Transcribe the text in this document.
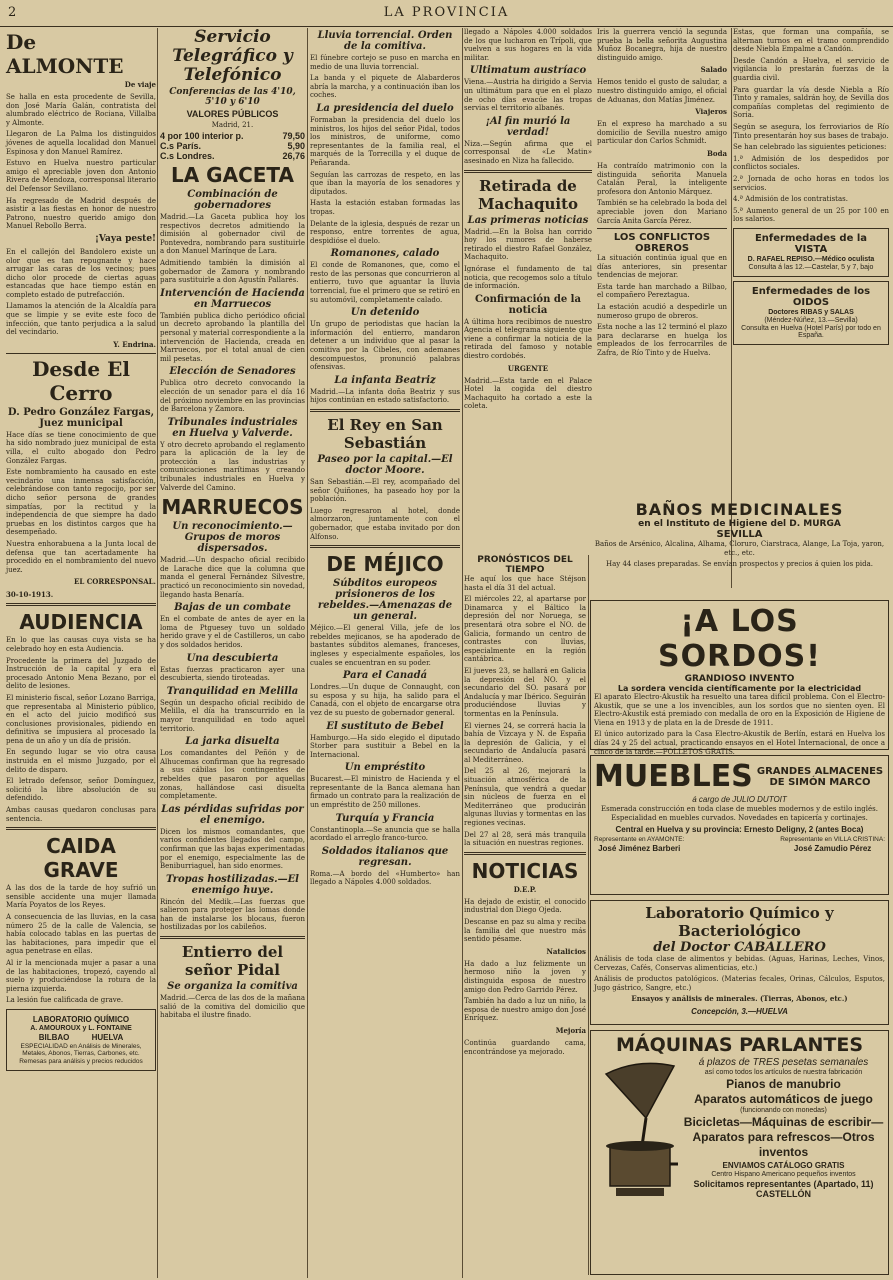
2	LA PROVINCIA
De ALMONTE
De viaje

Se halla en esta procedente de Sevilla, don José María Galán, contratista del alumbrado eléctrico de Rociana, Villalba y Almonte.

Llegaron de La Palma los distinguidos jóvenes de aquella localidad don Manuel Espinosa y don Manuel Ramírez.

Estuvo en Huelva nuestro particular amigo el apreciable joven don Antonio Rivera de Mendoza, corresponsal literario del Defensor Sevillano.

Ha regresado de Madrid después de asistir a las fiestas en honor de nuestro Patrono, nuestro querido amigo don Manuel Rebollo Berra.

¡Vaya peste!

En el callejón del Bandolero existe un olor que es tan repugnante y hace arrugar las caras de los vecinos; pues dicho olor procede de ciertas aguas estancadas que hace tiempo están en completo estado de putrefacción.

Llamamos la atención de la Alcaldía para que se limpie y se evite este foco de infección, que tanto perjudica a la salud del vecindario.

Y. Endrina.
Desde El Cerro
D. Pedro González Fargas, Juez municipal

Hace días se tiene conocimiento de que ha sido nombrado juez municipal de esta villa, el culto abogado don Pedro González Fargas.

Este nombramiento ha causado en este vecindario una inmensa satisfacción, celebrándose con tanto regocijo, por ser dicho señor persona de grandes simpatías, por la rectitud y la independencia de que siempre ha dado pruebas en los distintos cargos que ha desempeñado.

Nuestra enhorabuena a la Junta local de defensa que tan acertadamente ha procedido en el nombramiento del nuevo juez.

EL CORRESPONSAL.
30-10-1913.
AUDIENCIA

En lo que las causas cuya vista se ha celebrado hoy en esta Audiencia.

Procedente la primera del Juzgado de Instrucción de la capital y era el procesado Antonio Mena Bezano, por el delito de lesiones.

El ministerio fiscal, señor Lozano Barriga, que representaba al Ministerio público, en el acto del juicio modificó sus conclusiones provisionales, pidiendo en definitiva se impusiera al procesado la pena de un año y un día de prisión.

En segundo lugar se vio otra causa instruida en el mismo Juzgado, por el delito de disparo.

El letrado defensor, señor Domínguez, solicitó la libre absolución de su defendido.

Ambas causas quedaron conclusas para sentencia.

CAIDA GRAVE

A las dos de la tarde de hoy sufrió un sensible accidente una mujer llamada María Poyatos de los Reyes.

A consecuencia de las lluvias, en la casa número 25 de la calle de Valencia, se había colocado tablas en las puertas de las habitaciones, para impedir que el agua penetrase en ellas.

Al ir la mencionada mujer a pasar a una de las habitaciones, tropezó, cayendo al suelo y produciéndose la rotura de la pierna izquierda.

La lesión fue calificada de grave.

LABORATORIO QUÍMICO
A. AMOUROUX y L. FONTAINE
BILBAO          HUELVA
ESPECIALIDAD en Análisis de Minerales, Metales, Abonos, Tierras, Carbones, etc.
Remesas para análisis y precios reducidos
Servicio Telegráfico y Telefónico
Conferencias de las 4'10, 5'10 y 6'10
VALORES PÚBLICOS
Madrid, 21.
4 por 100 interior p.	79,50
C.s París.	5,90
C.s Londres.	26,76
LA GACETA
Combinación de gobernadores

Madrid.—La Gaceta publica hoy los respectivos decretos admitiendo la dimisión al gobernador civil de Pontevedra, nombrando para sustituirle a don Manuel Marínque de Lara.

Admitiendo también la dimisión al gobernador de Zamora y nombrando para sustituirle a don Agustín Pallarés.

Intervención de Hacienda en Marruecos

También publica dicho periódico oficial un decreto aprobando la plantilla del personal y material correspondiente a la intervención de Hacienda, creada en Marruecos, por el total anual de cien mil pesetas.

Elección de Senadores

Publica otro decreto convocando la elección de un senador para el día 16 del próximo noviembre en las provincias de Barcelona y Zamora.

Tribunales industriales en Huelva y Valverde.

Y otro decreto aprobando el reglamento para la aplicación de la ley de protección a las industrias y comunicaciones marítimas y creando tribunales industriales en Huelva y Valverde del Camino.

MARRUECOS
Un reconocimiento.—Grupos de moros dispersados.

Madrid.—Un despacho oficial recibido de Larache dice que la columna que manda el general Fernández Silvestre, practicó un reconocimiento sin novedad, llegando hasta Benaría.

Bajas de un combate

En el combate de antes de ayer en la loma de Ptguesey tuvo un soldado herido grave y el de Castilleros, un cabo y dos soldados heridos.

Una descubierta

Estas fuerzas practicaron ayer una descubierta, siendo tiroteadas.

Tranquilidad en Melilla

Según un despacho oficial recibido de Melilla, el día ha transcurrido en la mayor tranquilidad en todo aquel territorio.

La jarka disuelta

Los comandantes del Peñón y de Alhucemas confirman que ha regresado a sus cábilas los contingentes de rebeldes que pasaron por aquellas zonas, hallándose casi disuelta completamente.

Las pérdidas sufridas por el enemigo.

Dicen los mismos comandantes, que varios confidentes llegados del campo, confirman que las bajas experimentadas por el enemigo, especialmente las de Beniburriaguel, han sido enormes.

Tropas hostilizadas.—El enemigo huye.

Rincón del Medik.—Las fuerzas que salieron para proteger las lomas donde han de instalarse los blocaus, fueron hostilizadas por los cabileños.

Entierro del señor Pidal
Se organiza la comitiva

Madrid.—Cerca de las dos de la mañana salió de la comitiva del domicilio que habitaba el ilustre finado.

Lluvia torrencial. Orden de la comitiva.

El fúnebre cortejo se puso en marcha en medio de una lluvia torrencial.

La banda y el piquete de Alabarderos abría la marcha, y a continuación iban los coches.

La presidencia del duelo

Formaban la presidencia del duelo los ministros, los hijos del señor Pidal, todos los ministros, de uniforme, como representantes de la familia real, el marqués de la Torrecilla y el duque de Peñaranda.

Seguían las carrozas de respeto, en las que iban la mayoría de los senadores y diputados.

Hasta la estación estaban formadas las tropas.

Delante de la iglesia, después de rezar un responso, entre torrentes de agua, despidióse el duelo.

Romanones, calado

El conde de Romanones, que, como el resto de las personas que concurrieron al entierro, tuvo que aguantar la lluvia torrencial, fue el primero que se retiró en su automóvil, completamente calado.

Un detenido

Un grupo de periodistas que hacían la información del entierro, mandaron detener a un individuo que al pasar la comitiva por la Cibeles, con ademanes descompuestos, pronunció palabras ofensivas.

La infanta Beatriz

Madrid.—La infanta doña Beatriz y sus hijos continúan en estado satisfactorio.

El Rey en San Sebastián
Paseo por la capital.—El doctor Moore.

San Sebastián.—El rey, acompañado del señor Quiñones, ha paseado hoy por la población.

Luego regresaron al hotel, donde almorzaron, juntamente con el gobernador, que estaba invitado por don Alfonso.

DE MÉJICO
Súbditos europeos prisioneros de los rebeldes.—Amenazas de un general.

Méjico.—El general Villa, jefe de los rebeldes mejicanos, se ha apoderado de bastantes súbditos alemanes, franceses, ingleses y especialmente españoles, los cuales se encuentran en su poder.

Para el Canadá

Londres.—Un duque de Connaught, con su esposa y su hija, ha salido para el Canadá, con el objeto de encargarse otra vez de su puesto de gobernador general.

El sustituto de Bebel

Hamburgo.—Ha sido elegido el diputado Storber para sustituir a Bebel en la Internacional.

Un empréstito

Bucarest.—El ministro de Hacienda y el representante de la Banca alemana han firmado un contrato para la realización de un empréstito de 250 millones.

Turquía y Francia

Constantinopla.—Se anuncia que se halla acordado el arreglo franco-turco.

Soldados italianos que regresan.

Roma.—A bordo del «Humberto» han llegado a Nápoles 4.000 soldados.

llegado a Nápoles 4.000 soldados de los que lucharon en Trípoli, que vuelven a sus hogares en la vida militar.

Ultimatum austríaco

Viena.—Austria ha dirigido a Servia un ultimátum para que en el plazo de ocho días evacúe las tropas servias el territorio albanés.

¡Al fin murió la verdad!

Niza.—Según afirma que el corresponsal de «Le Matin» asesinado en Niza ha fallecido.

Retirada de Machaquito
Las primeras noticias

Madrid.—En la Bolsa han corrido hoy los rumores de haberse retirado el diestro Rafael González, Machaquito.

Ignórase el fundamento de tal noticia, que recogemos solo a título de información.

Confirmación de la noticia

A última hora recibimos de nuestro Agencia el telegrama siguiente que viene a confirmar la noticia de la retirada del famoso y notable diestro cordobés.

URGENTE

Madrid.—Esta tarde en el Palace Hotel la cogida del diestro Machaquito ha cortado a este la coleta.

Iris la guerrera venció la segunda prueba la bella señorita Augustina Muñoz Bocanegra, hija de nuestro distinguido amigo.

Salado

Hemos tenido el gusto de saludar, a nuestro distinguido amigo, el oficial de Aduanas, don Matías Jiménez.

Viajeros

En el expreso ha marchado a su domicilio de Sevilla nuestro amigo particular don Carlos Schmidt.

Boda

Ha contraído matrimonio con la distinguida señorita Manuela Catalán Peral, la inteligente profesora don Antonio Márquez.

También se ha celebrado la boda del apreciable joven don Mariano García Anita García Pérez.

LOS CONFLICTOS OBREROS

La situación continúa igual que en días anteriores, sin presentar tendencias de mejorar.

Esta tarde han marchado a Bilbao, el compañero Pereztagua.

La estación acudió a despedirle un numeroso grupo de obreros.

Esta noche a las 12 terminó el plazo para declararse en huelga los empleados de los ferrocarriles de Zafra, de Río Tinto y de Huelva.

Estas, que forman una compañía, se alternan turnos en el tramo comprendido desde Niebla Empalme a Candón.

Desde Candón a Huelva, el servicio de vigilancia lo prestarán fuerzas de la guardia civil.

Para guardar la vía desde Niebla a Río Tinto y ramales, saldrán hoy, de Sevilla dos compañías completas del regimiento de Soria.

Según se asegura, los ferroviarios de Río Tinto presentarán hoy sus bases de trabajo.

Se han celebrado las siguientes peticiones:

1.ª Admisión de los despedidos por conflictos sociales.

2.ª Jornada de ocho horas en todos los servicios.

4.ª Admisión de los contratistas.

5.ª Aumento general de un 25 por 100 en los salarios.

Enfermedades de la VISTA
D. RAFAEL REPISO.—Médico oculista
Consulta á las 12.—Castelar, 5 y 7, bajo
Enfermedades de los OIDOS
Doctores RIBAS y SALAS
(Méndez-Núñez, 13.—Sevilla)
Consulta en Huelva (Hotel París) por todo en España.
BAÑOS MEDICINALES
en el Instituto de Higiene del D. MURGA
SEVILLA

Baños de Arsénico, Alcalina, Alhama, Cloruro, Ciarstraca, Alange, La Toja, yaron, etc., etc.

Hay 44 clases preparadas. Se envían prospectos y precios á quien los pida.

PRONÓSTICOS DEL TIEMPO

He aquí los que hace Stéjson hasta el día 31 del actual.

El miércoles 22, al apartarse por Dinamarca y el Báltico la depresión del nor Noruega, se presentará otra sobre el NO. de Galicia, formando un centro de contrastes con lluvias, especialmente en la región cantábrica.

El jueves 23, se hallará en Galicia la depresión del NO. y el secundario del SO. pasará por Andalucía y mar Ibérico. Seguirán produciéndose lluvias y tormentas en la Península.

El viernes 24, se correrá hacia la bahía de Vizcaya y N. de España la depresión de Galicia, y el secundario de Andalucía pasará al Mediterráneo.

Del 25 al 26, mejorará la situación atmosférica de la Península, que vendrá a quedar sin núcleos de fuerza en el Mediterráneo que producirán algunas lluvias y tormentas en las regiones vecinas.

Del 27 al 28, será más tranquila la situación en nuestras regiones.

NOTICIAS
D.E.P.

Ha dejado de existir, el conocido industrial don Diego Ojeda.

Descanse en paz su alma y reciba la familia del que nuestro más sentido pésame.

Natalicios

Ha dado a luz felizmente un hermoso niño la joven y distinguida esposa de nuestro amigo don Pedro Garrido Pérez.

También ha dado a luz un niño, la esposa de nuestro amigo don José Enríquez.

Mejoría

Continúa guardando cama, encontrándose ya mejorado.

¡A LOS SORDOS!
GRANDIOSO INVENTO
La sordera vencida científicamente por la electricidad

El aparato Electro-Akustik ha resuelto una tarea difícil problema. Con el Electro-Akustik, que se une a los invencibles, aun los sordos que no sienten oyen. El Electro-Akustik está premiado con medalla de oro en la Exposición de Higiene de Viena en 1913 y de plata en la de Dresde de 1911.

El único autorizado para la Casa Electro-Akustik de Berlín, estará en Huelva los días 24 y 25 del actual, practicando ensayos en el Hotel Internacional, de once a cinco de la tarde.—FOLLETOS GRATIS.

MUEBLES GRANDES ALMACENES DE SIMÓN MARCO
á cargo de JULIO DUTOIT

Esmerada construcción en toda clase de muebles modernos y de estilo inglés. Especialidad en muebles curvados. Novedades en tapicería y cortinajes.

Central en Huelva y su provincia: Ernesto Deligny, 2 (antes Boca)
Representante en AYAMONTE:
José Jiménez Barberi
Representante en VILLA CRISTINA:
José Zamudio Pérez
Laboratorio Químico y Bacteriológico
del Doctor CABALLERO

Análisis de toda clase de alimentos y bebidas. (Aguas, Harinas, Leches, Vinos, Cervezas, Cafés, Conservas alimenticias, etc.)

Análisis de productos patológicos. (Materias fecales, Orinas, Cálculos, Esputos, Jugo gástrico, Sangre, etc.)

Ensayos y análisis de minerales. (Tierras, Abonos, etc.)

Concepción, 3.—HUELVA
MÁQUINAS PARLANTES
á plazos de TRES pesetas semanales
así como todos los artículos de nuestra fabricación
Pianos de manubrio
Aparatos automáticos de juego
(funcionando con monedas)
Bicicletas—Máquinas de escribir—Aparatos para refrescos—Otros inventos
ENVIAMOS CATÁLOGO GRATIS
Centro Hispano Americano pequeños inventos
Solicitamos representantes (Apartado, 11) CASTELLÓN
